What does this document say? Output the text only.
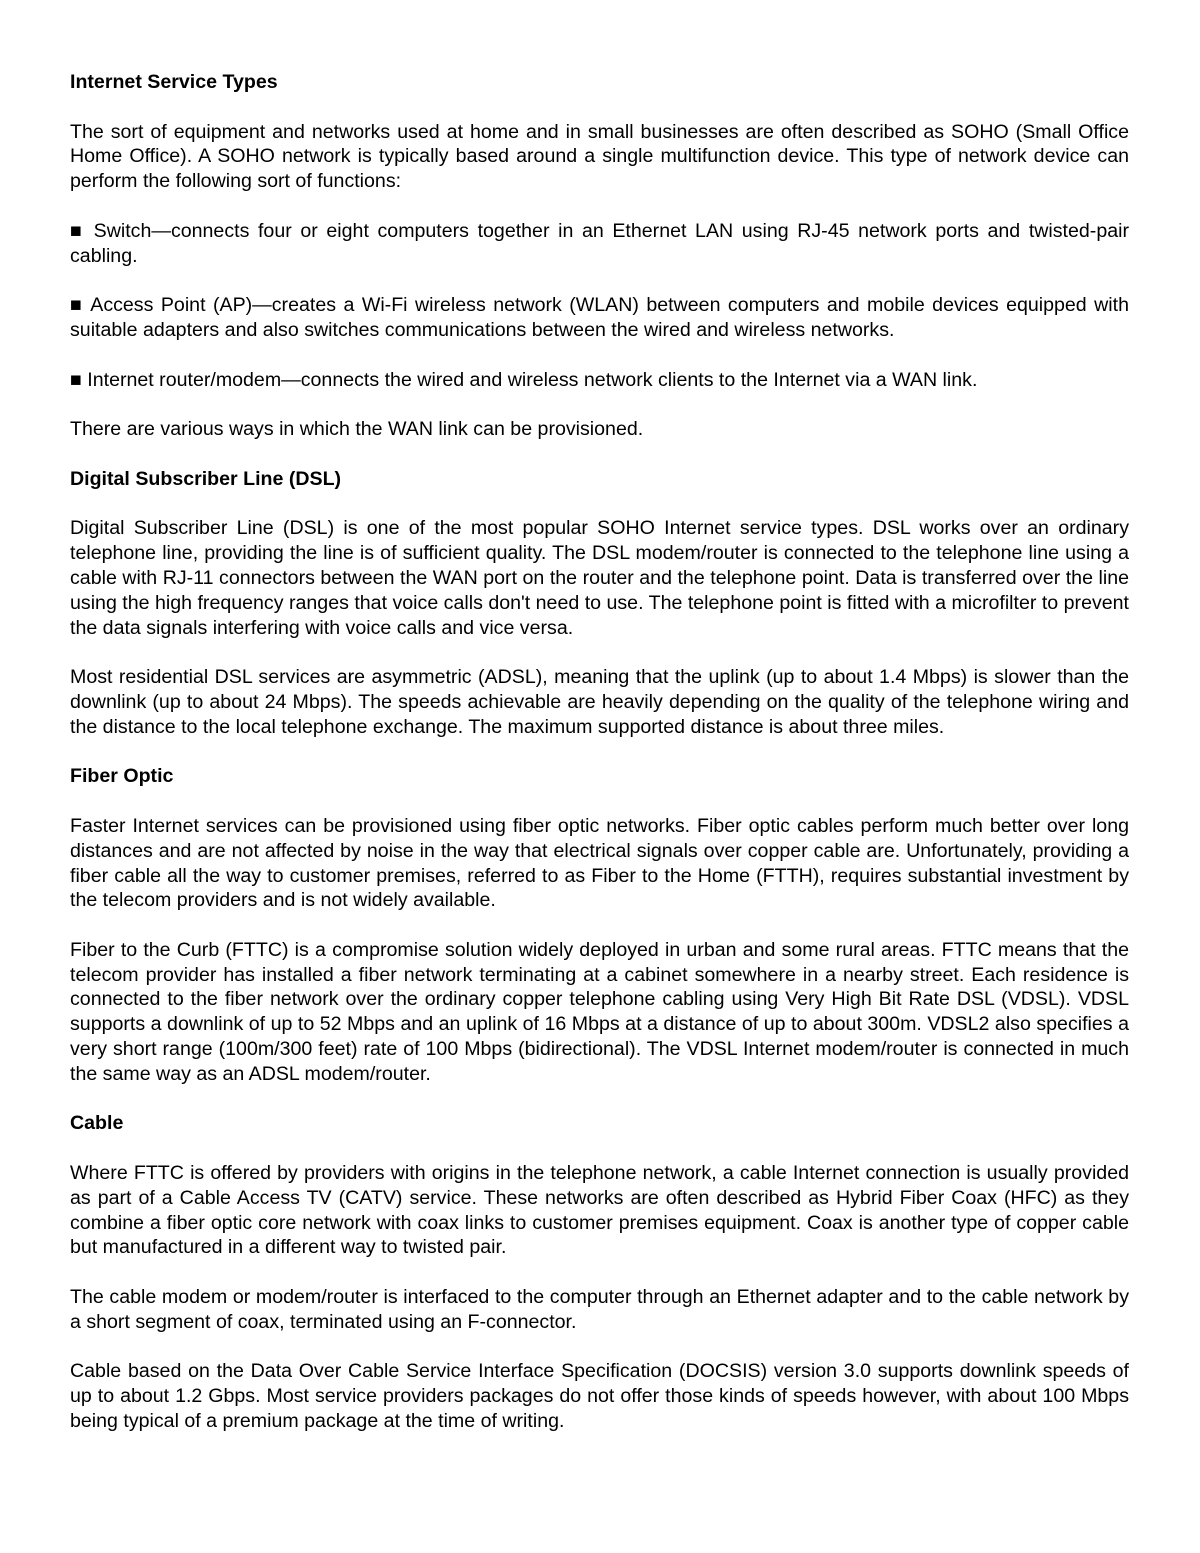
Internet Service Types

The sort of equipment and networks used at home and in small businesses are often described as SOHO (Small Office Home Office). A SOHO network is typically based around a single multifunction device. This type of network device can perform the following sort of functions:

■ Switch—connects four or eight computers together in an Ethernet LAN using RJ-45 network ports and twisted-pair cabling.

■ Access Point (AP)—creates a Wi-Fi wireless network (WLAN) between computers and mobile devices equipped with suitable adapters and also switches communications between the wired and wireless networks.

■ Internet router/modem—connects the wired and wireless network clients to the Internet via a WAN link.

There are various ways in which the WAN link can be provisioned.

Digital Subscriber Line (DSL)

Digital Subscriber Line (DSL) is one of the most popular SOHO Internet service types. DSL works over an ordinary telephone line, providing the line is of sufficient quality. The DSL modem/router is connected to the telephone line using a cable with RJ-11 connectors between the WAN port on the router and the telephone point. Data is transferred over the line using the high frequency ranges that voice calls don't need to use. The telephone point is fitted with a microfilter to prevent the data signals interfering with voice calls and vice versa.

Most residential DSL services are asymmetric (ADSL), meaning that the uplink (up to about 1.4 Mbps) is slower than the downlink (up to about 24 Mbps). The speeds achievable are heavily depending on the quality of the telephone wiring and the distance to the local telephone exchange. The maximum supported distance is about three miles.

Fiber Optic

Faster Internet services can be provisioned using fiber optic networks. Fiber optic cables perform much better over long distances and are not affected by noise in the way that electrical signals over copper cable are. Unfortunately, providing a fiber cable all the way to customer premises, referred to as Fiber to the Home (FTTH), requires substantial investment by the telecom providers and is not widely available.

Fiber to the Curb (FTTC) is a compromise solution widely deployed in urban and some rural areas. FTTC means that the telecom provider has installed a fiber network terminating at a cabinet somewhere in a nearby street. Each residence is connected to the fiber network over the ordinary copper telephone cabling using Very High Bit Rate DSL (VDSL). VDSL supports a downlink of up to 52 Mbps and an uplink of 16 Mbps at a distance of up to about 300m. VDSL2 also specifies a very short range (100m/300 feet) rate of 100 Mbps (bidirectional). The VDSL Internet modem/router is connected in much the same way as an ADSL modem/router.

Cable

Where FTTC is offered by providers with origins in the telephone network, a cable Internet connection is usually provided as part of a Cable Access TV (CATV) service. These networks are often described as Hybrid Fiber Coax (HFC) as they combine a fiber optic core network with coax links to customer premises equipment. Coax is another type of copper cable but manufactured in a different way to twisted pair.

The cable modem or modem/router is interfaced to the computer through an Ethernet adapter and to the cable network by a short segment of coax, terminated using an F-connector.

Cable based on the Data Over Cable Service Interface Specification (DOCSIS) version 3.0 supports downlink speeds of up to about 1.2 Gbps. Most service providers packages do not offer those kinds of speeds however, with about 100 Mbps being typical of a premium package at the time of writing.
